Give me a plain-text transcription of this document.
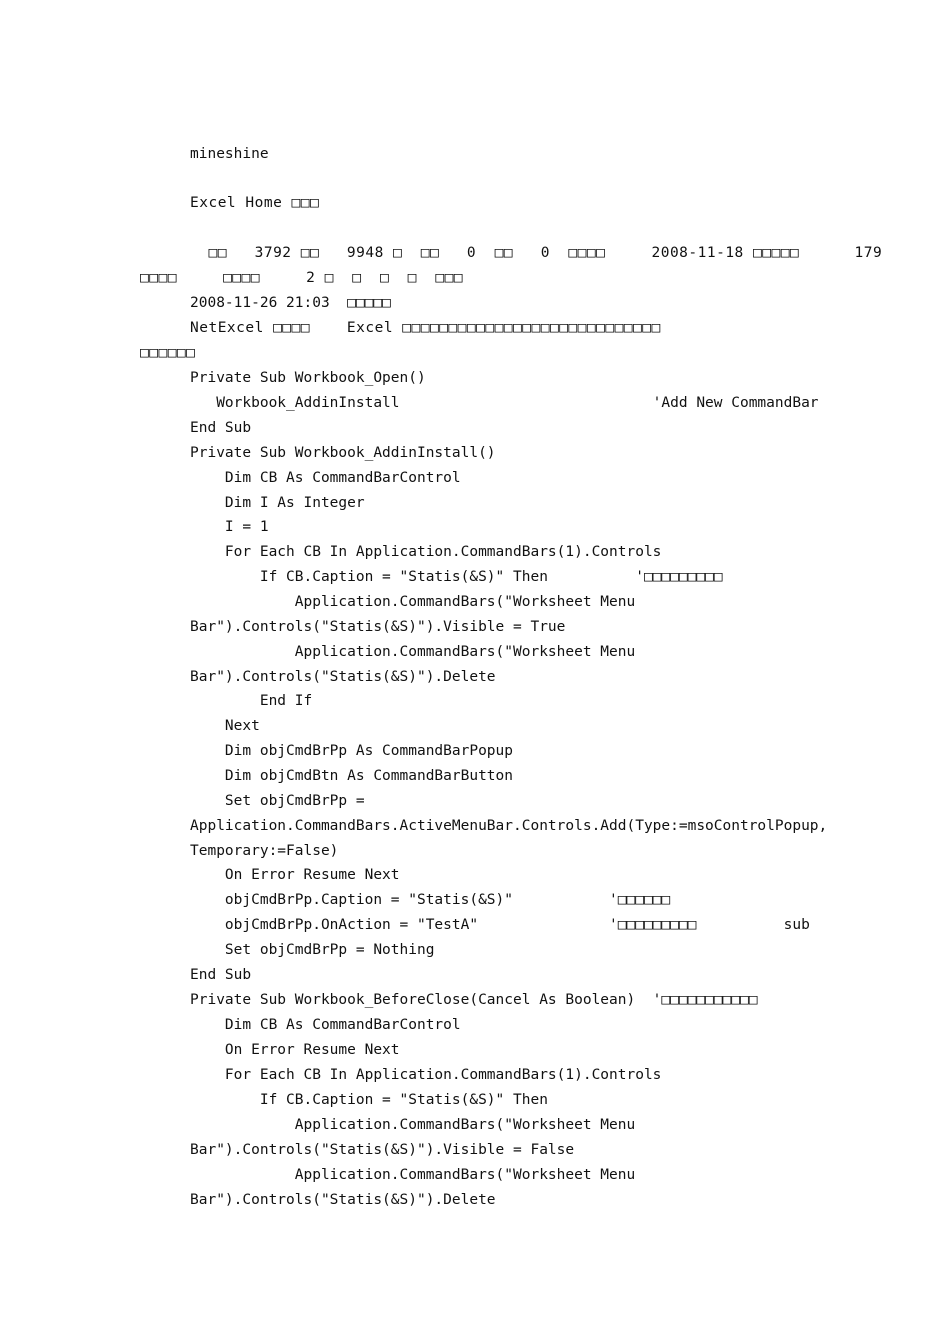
mineshine
Excel Home □□□
□□   3792 □□   9948 □  □□   0  □□   0  □□□□     2008-11-18 □□□□□      179
□□□□     □□□□     2 □  □  □  □  □□□
2008-11-26 21:03  □□□□□
NetExcel □□□□    Excel □□□□□□□□□□□□□□□□□□□□□□□□□□□□
□□□□□□
Private Sub Workbook_Open()
Workbook_AddinInstall                             'Add New CommandBar
End Sub
Private Sub Workbook_AddinInstall()
Dim CB As CommandBarControl
Dim I As Integer
I = 1
For Each CB In Application.CommandBars(1).Controls
If CB.Caption = "Statis(&S)" Then          '□□□□□□□□□
Application.CommandBars("Worksheet Menu
Bar").Controls("Statis(&S)").Visible = True
Application.CommandBars("Worksheet Menu
Bar").Controls("Statis(&S)").Delete
End If
Next
Dim objCmdBrPp As CommandBarPopup
Dim objCmdBtn As CommandBarButton
Set objCmdBrPp =
Application.CommandBars.ActiveMenuBar.Controls.Add(Type:=msoControlPopup,
Temporary:=False)
On Error Resume Next
objCmdBrPp.Caption = "Statis(&S)"           '□□□□□□
objCmdBrPp.OnAction = "TestA"               '□□□□□□□□□          sub
Set objCmdBrPp = Nothing
End Sub
Private Sub Workbook_BeforeClose(Cancel As Boolean)  '□□□□□□□□□□□
Dim CB As CommandBarControl
On Error Resume Next
For Each CB In Application.CommandBars(1).Controls
If CB.Caption = "Statis(&S)" Then
Application.CommandBars("Worksheet Menu
Bar").Controls("Statis(&S)").Visible = False
Application.CommandBars("Worksheet Menu
Bar").Controls("Statis(&S)").Delete
